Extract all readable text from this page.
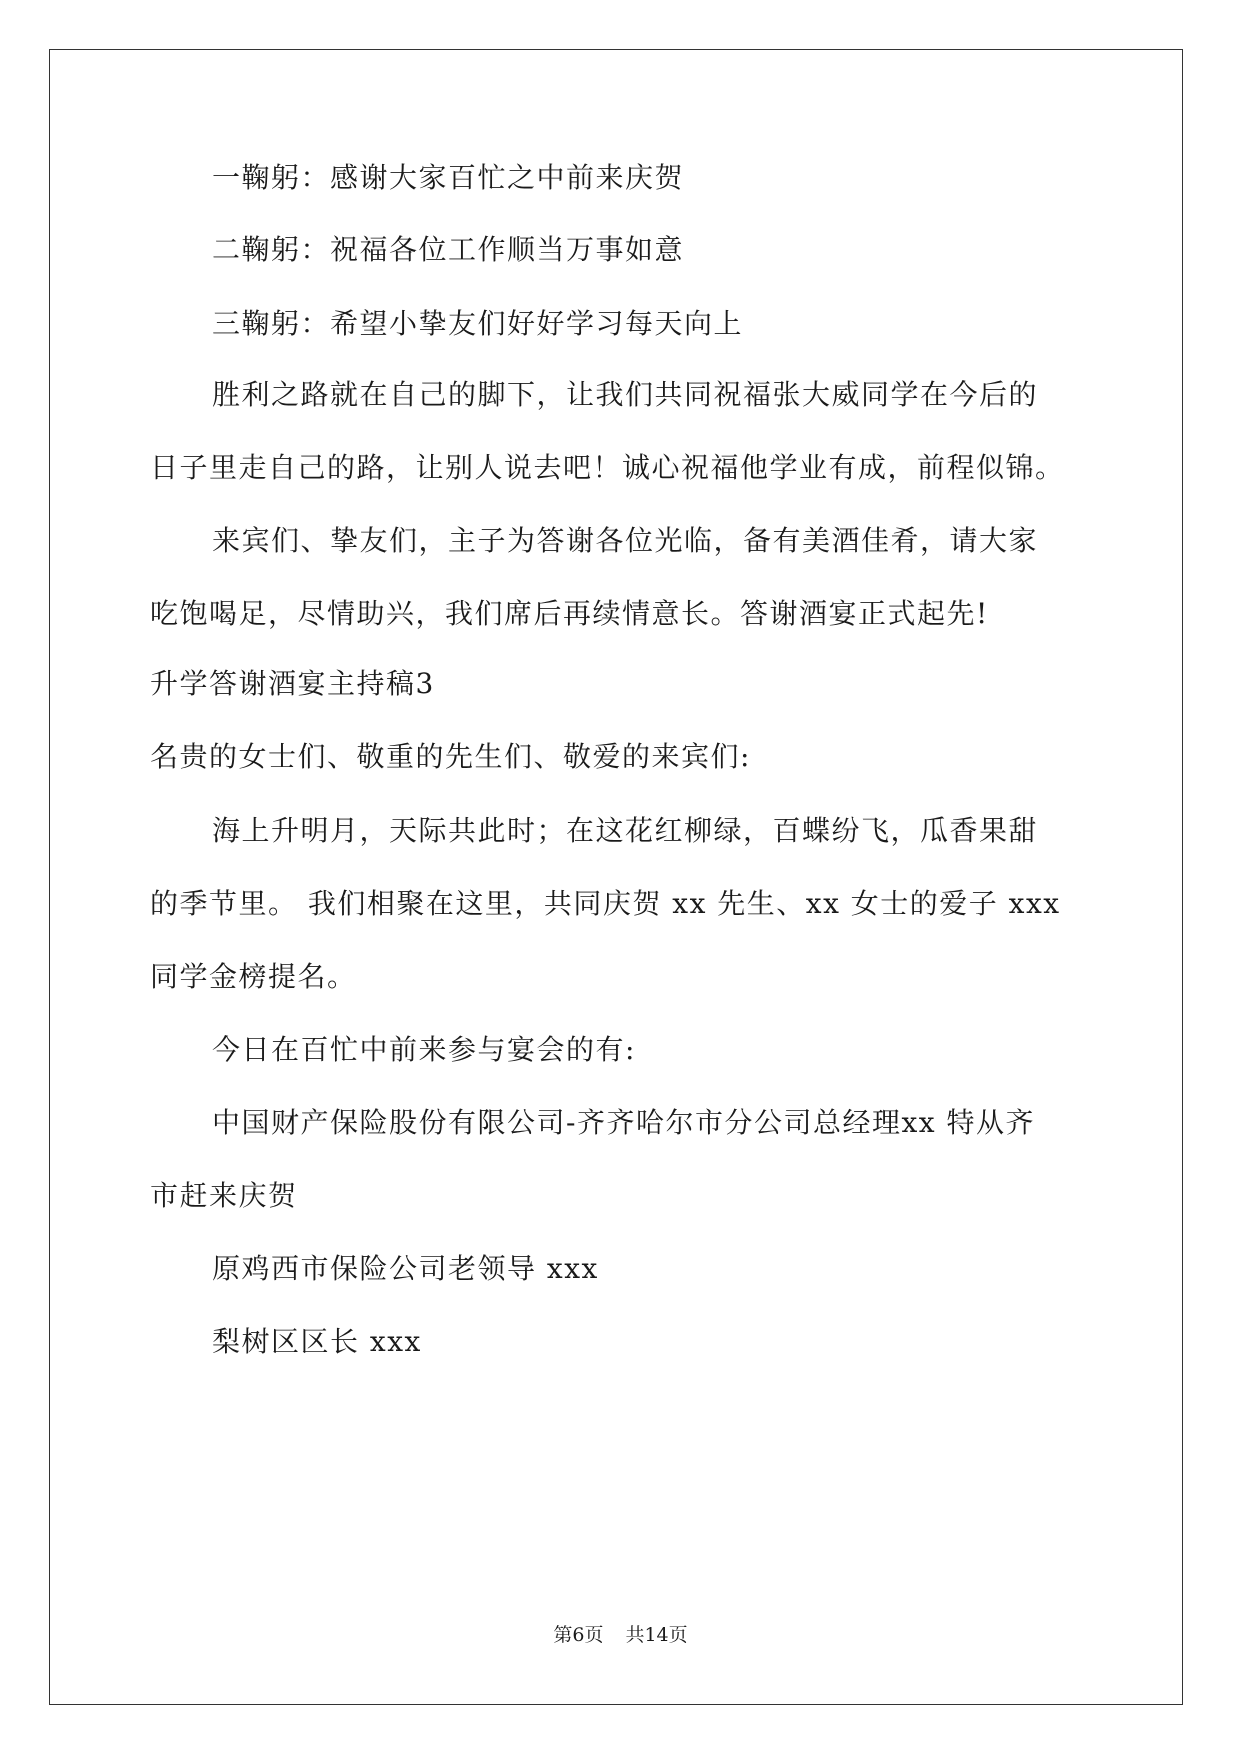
一鞠躬：感谢大家百忙之中前来庆贺
二鞠躬：祝福各位工作顺当万事如意
三鞠躬：希望小挚友们好好学习每天向上
胜利之路就在自己的脚下，让我们共同祝福张大威同学在今后的
日子里走自己的路，让别人说去吧！诚心祝福他学业有成，前程似锦。
来宾们、挚友们，主子为答谢各位光临，备有美酒佳肴，请大家
吃饱喝足，尽情助兴，我们席后再续情意长。答谢酒宴正式起先!
升学答谢酒宴主持稿3
名贵的女士们、敬重的先生们、敬爱的来宾们:
海上升明月，天际共此时；在这花红柳绿，百蝶纷飞，瓜香果甜
的季节里。 我们相聚在这里，共同庆贺 xx 先生、xx 女士的爱子 xxx
同学金榜提名。
今日在百忙中前来参与宴会的有:
中国财产保险股份有限公司-齐齐哈尔市分公司总经理xx 特从齐
市赶来庆贺
原鸡西市保险公司老领导 xxx
梨树区区长 xxx
第6页 共14页
